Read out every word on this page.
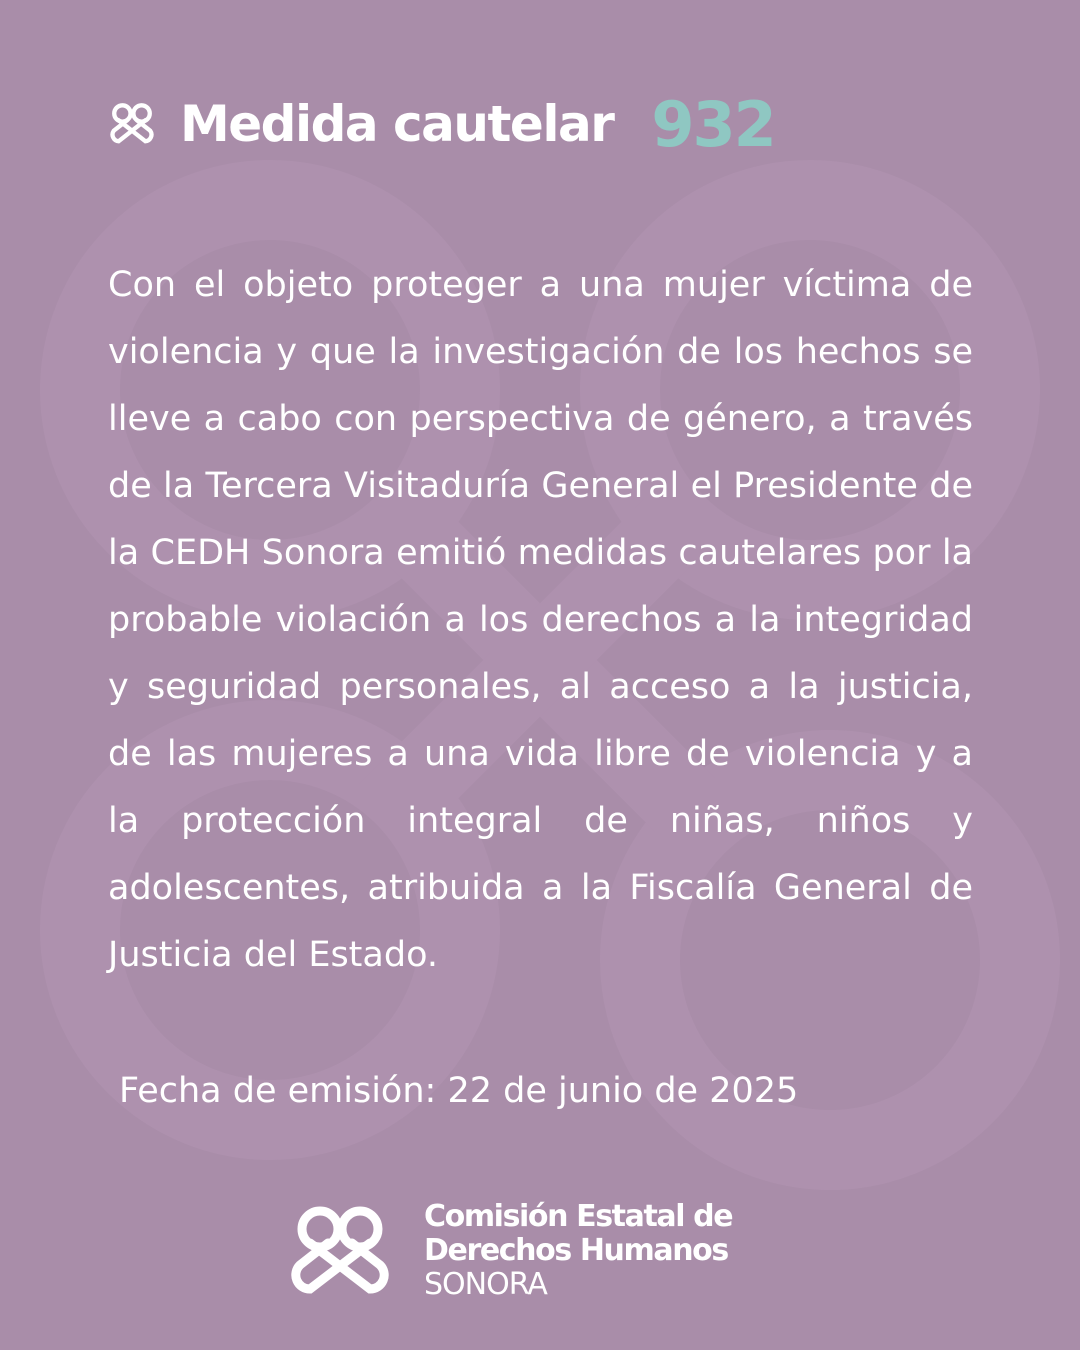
Medida cautelar 932

Con el objeto proteger a una mujer víctima de violencia y que la investigación de los hechos se lleve a cabo con perspectiva de género, a través de la Tercera Visitaduría General el Presidente de la CEDH Sonora emitió medidas cautelares por la probable violación a los derechos a la integridad y seguridad personales, al acceso a la justicia, de las mujeres a una vida libre de violencia y a la protección integral de niñas, niños y adolescentes, atribuida a la Fiscalía General de Justicia del Estado.

Fecha de emisión: 22 de junio de 2025

Comisión Estatal de
Derechos Humanos
SONORA
